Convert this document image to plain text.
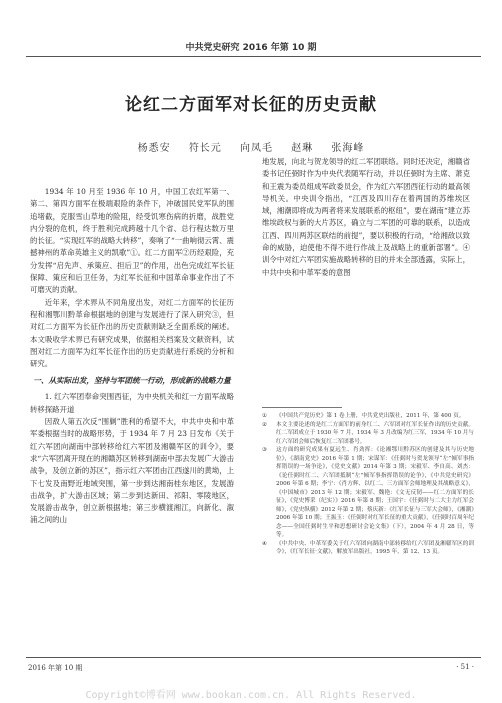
中共党史研究 2016 年第 10 期
论红二方面军对长征的历史贡献
杨悉安 符长元 向凤毛 赵琳 张海峰

1934 年 10 月至 1936 年 10 月，中国工农红军第一、第二、第四方面军在极端艰险的条件下，冲破国民党军队的围追堵截，克服雪山草地的险阻，经受饥寒伤病的折磨，战胜党内分裂的危机，终于胜利完成跨越十几个省、总行程达数万里的长征。“实现红军的战略大转移”，奏响了“一曲响彻云霄、震撼神州的革命英雄主义的凯歌”①。红二方面军②历经艰险，充分发挥“启先声、承策应、担后卫”的作用，出色完成红军长征保障、策应和后卫任务，为红军长征和中国革命事业作出了不可磨灭的贡献。

近年来，学术界从不同角度出发，对红二方面军的长征历程和湘鄂川黔革命根据地的创建与发展进行了深入研究③，但对红二方面军为长征作出的历史贡献则缺乏全面系统的阐述。本文吸收学术界已有研究成果，依据相关档案及文献资料，试图对红二方面军为红军长征作出的历史贡献进行系统的分析和研究。

一、从实际出发，坚持与军团统一行动，形成新的战略力量

1. 红六军团奉命突围西征，为中央机关和红一方面军战略转移探路开道

因敌人第五次反“围剿”胜利的希望不大，中共中央和中革军委根据当时的战略形势，于 1934 年 7 月 23 日发布《关于红六军团向湖南中部转移给红六军团及湘赣军区的训令》，要求“六军团离开现在的湘赣苏区转移到湖南中部去发展广大游击战争，及创立新的苏区”，指示红六军团由江西遂川的黄坳，上下七发及南野近地域突围，第一步到达湘南桂东地区，发展游击战争，扩大游击区域；第二步到达新田、祁阳、零陵地区，发展游击战争，创立新根据地；第三步横渡湘江，向新化、溆浦之间的山

地发展，向北与贺龙领导的红二军团联络。同时还决定，湘赣省委书记任弼时作为中央代表随军行动，并以任弼时为主席、萧克和王震为委员组成军政委员会，作为红六军团西征行动的最高领导机关。中央训令指出，“江西及四川存在着两国的苏维埃区域，湘潮即将成为两者将来发展联系的枢纽”，要在湖南“建立苏维埃政权与新的大片苏区，确立与二军团的可靠的联系，以造成江西、四川两苏区联结的前提”，要以积极的行动，“给湘敌以致命的威胁，迫使他不得不进行作战上及战略上的重新部署”。④训令中对红六军团实施战略转移的目的并未全部透露，实际上，中共中央和中革军委的意图

①	《中国共产党历史》第 1 卷上册，中共党史出版社，2011 年，第 400 页。
②	本文主要论述的是红二方面军的前身红二、六军团对红军长征作出的历史贡献。红二军团成立于 1930 年 7 月，1934 年 3 月改编为红三军，1934 年 10 月与红六军团会师后恢复红二军团番号。
③	这方面的研究成果有夏远生、肖劲挥：《论湘鄂川黔苏区的创建及其与历史地位》，《湖南党史》2016 年第 1 期；宋谋军：《任弼时与贺龙领导“左”倾军事指挥错误的一场争论》，《党史文献》2014 年第 3 期；宋毅军、李自高、刘杰：《论任弼时红二、六军团抵制“左”倾军事指挥错误的论争》，《中共党史研究》2006 年第 6 期；李宁：《肖方辉、以红二、三方面军会师地理及其战略意义》，《中国城市》2013 年 12 期；宋毅军、魏艳：《文无反韧——红二方面军的长征》，《党史博采（纪实）》2016 年第 8 期；王国宇：《任弼时与二大主力红军会师》，《党史纵横》2012 年第 2 期；蔡庆新：《红军长征与三军大会师》，《湘潮》2006 年第 10 期；王振玉：《任弼时对红军长征的重大贡献》，《任弼时百周年纪念——全国任弼时生平和思想研讨会论文集》（下），2004 年 4 月 28 日，等等。
④	《中共中央、中革军委关于红六军团向湖南中部转移给红六军团及湘赣军区的训令》，《红军长征·文献》，解放军出版社，1995 年，第 12、13 页。
2016 年第 10 期	· 51 ·
Copyright©博看网 www.bookan.com.cn. All Rights Reserved.
